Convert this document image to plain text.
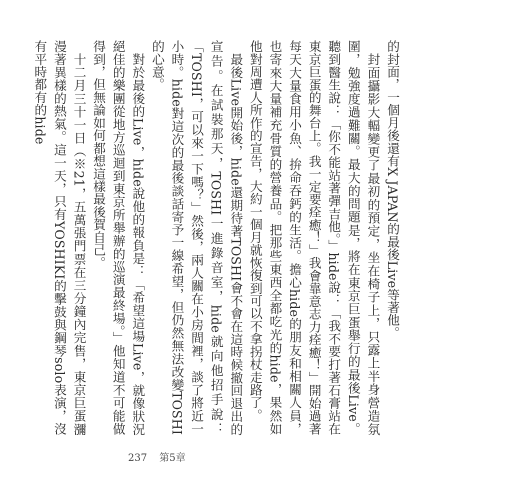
的封面，一個月後還有X JAPAN的最後Live等著他。

封面攝影大輻變更了最初的預定，坐在椅子上，只露上半身營造氛圍，勉強度過難關。最大的問題是，將在東京巨蛋舉行的最後Live。聽到醫生說：「你不能站著彈吉他。」hide說：「我不要打著石膏站在東京巨蛋的舞台上。我一定要痊癒！」我會靠意志力痊癒！」開始過著每天大量食用小魚、拚命吞鈣的生活。擔心hide的朋友和相關人員，也寄來大量補充骨質的營養品。把那些東西全都吃光的hide，果然如他對周遭人所作的宣告，大約一個月就恢復到可以不拿拐杖走路了。

最後Live開始後，hide還期待著TOSHI會不會在這時候撤回退出的宣告。在試裝那天，TOSHI一進錄音室，hide就向他招手說：「TOSHI，可以來一下嗎？」然後，兩人關在小房間裡，談了將近一小時。hide對這次的最後談話寄予一線希望，但仍然無法改變TOSHI的心意。

對於最後的Live，hide說他的報負是：「希望這場Live，就像狀況絕佳的樂團從地方巡迴到東京所舉辦的巡演最終場。」他知道不可能做得到，但無論如何都想這樣最後賀自己。

十二月三十一日（※21，五萬張門票在三分鐘內完售，東京巨蛋瀰漫著異樣的熱氣。這一天，只有YOSHIKI的擊鼓與鋼琴solo表演，沒有平時都有的hide

237 第5章
